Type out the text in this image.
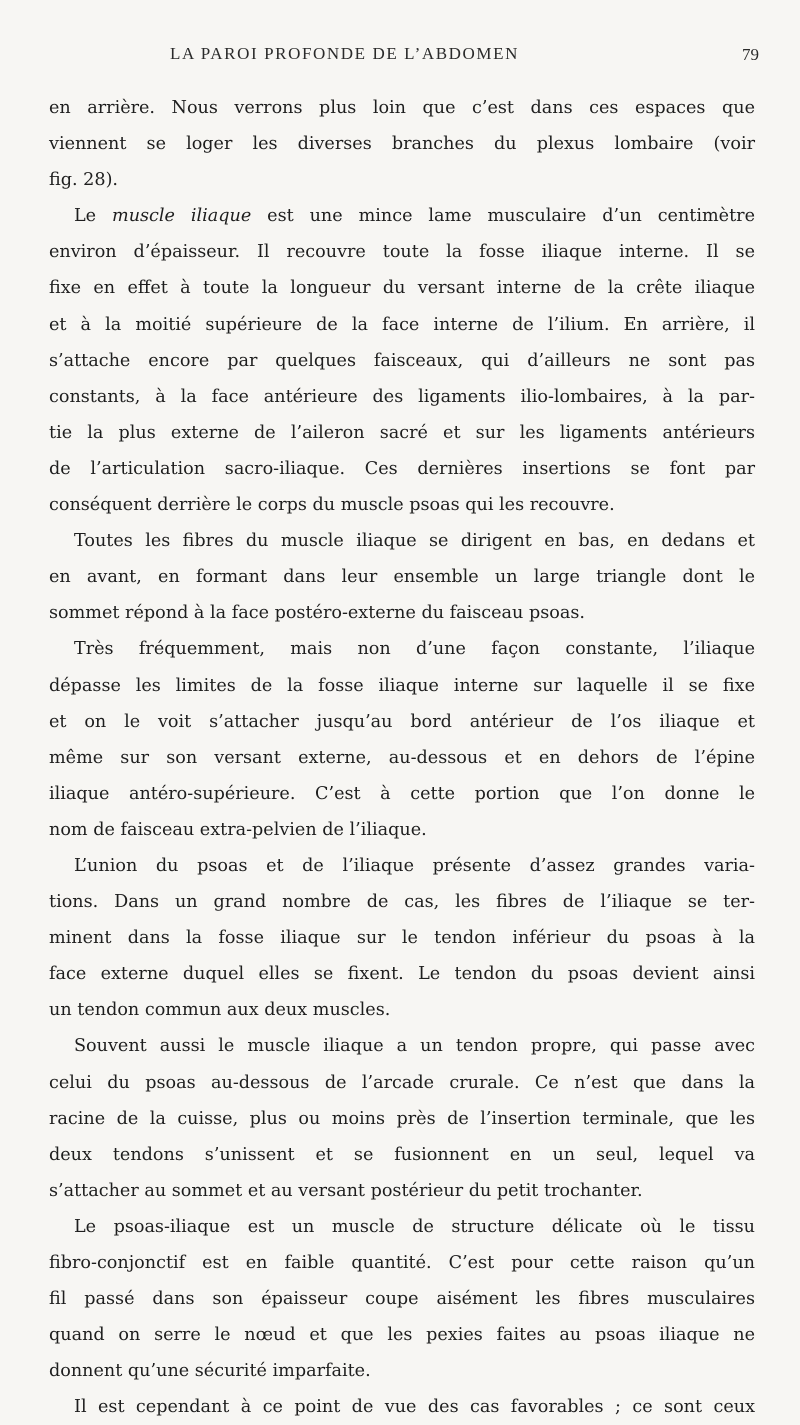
LA PAROI PROFONDE DE L’ABDOMEN	79
en arrière. Nous verrons plus loin que c’est dans ces espaces que
viennent se loger les diverses branches du plexus lombaire (voir
fig. 28).
Le muscle iliaque est une mince lame musculaire d’un centimètre
environ d’épaisseur. Il recouvre toute la fosse iliaque interne. Il se
fixe en effet à toute la longueur du versant interne de la crête iliaque
et à la moitié supérieure de la face interne de l’ilium. En arrière, il
s’attache encore par quelques faisceaux, qui d’ailleurs ne sont pas
constants, à la face antérieure des ligaments ilio-lombaires, à la par-
tie la plus externe de l’aileron sacré et sur les ligaments antérieurs
de l’articulation sacro-iliaque. Ces dernières insertions se font par
conséquent derrière le corps du muscle psoas qui les recouvre.
Toutes les fibres du muscle iliaque se dirigent en bas, en dedans et
en avant, en formant dans leur ensemble un large triangle dont le
sommet répond à la face postéro-externe du faisceau psoas.
Très fréquemment, mais non d’une façon constante, l’iliaque
dépasse les limites de la fosse iliaque interne sur laquelle il se fixe
et on le voit s’attacher jusqu’au bord antérieur de l’os iliaque et
même sur son versant externe, au-dessous et en dehors de l’épine
iliaque antéro-supérieure. C’est à cette portion que l’on donne le
nom de faisceau extra-pelvien de l’iliaque.
L’union du psoas et de l’iliaque présente d’assez grandes varia-
tions. Dans un grand nombre de cas, les fibres de l’iliaque se ter-
minent dans la fosse iliaque sur le tendon inférieur du psoas à la
face externe duquel elles se fixent. Le tendon du psoas devient ainsi
un tendon commun aux deux muscles.
Souvent aussi le muscle iliaque a un tendon propre, qui passe avec
celui du psoas au-dessous de l’arcade crurale. Ce n’est que dans la
racine de la cuisse, plus ou moins près de l’insertion terminale, que les
deux tendons s’unissent et se fusionnent en un seul, lequel va
s’attacher au sommet et au versant postérieur du petit trochanter.
Le psoas-iliaque est un muscle de structure délicate où le tissu
fibro-conjonctif est en faible quantité. C’est pour cette raison qu’un
fil passé dans son épaisseur coupe aisément les fibres musculaires
quand on serre le nœud et que les pexies faites au psoas iliaque ne
donnent qu’une sécurité imparfaite.
Il est cependant à ce point de vue des cas favorables ; ce sont ceux
